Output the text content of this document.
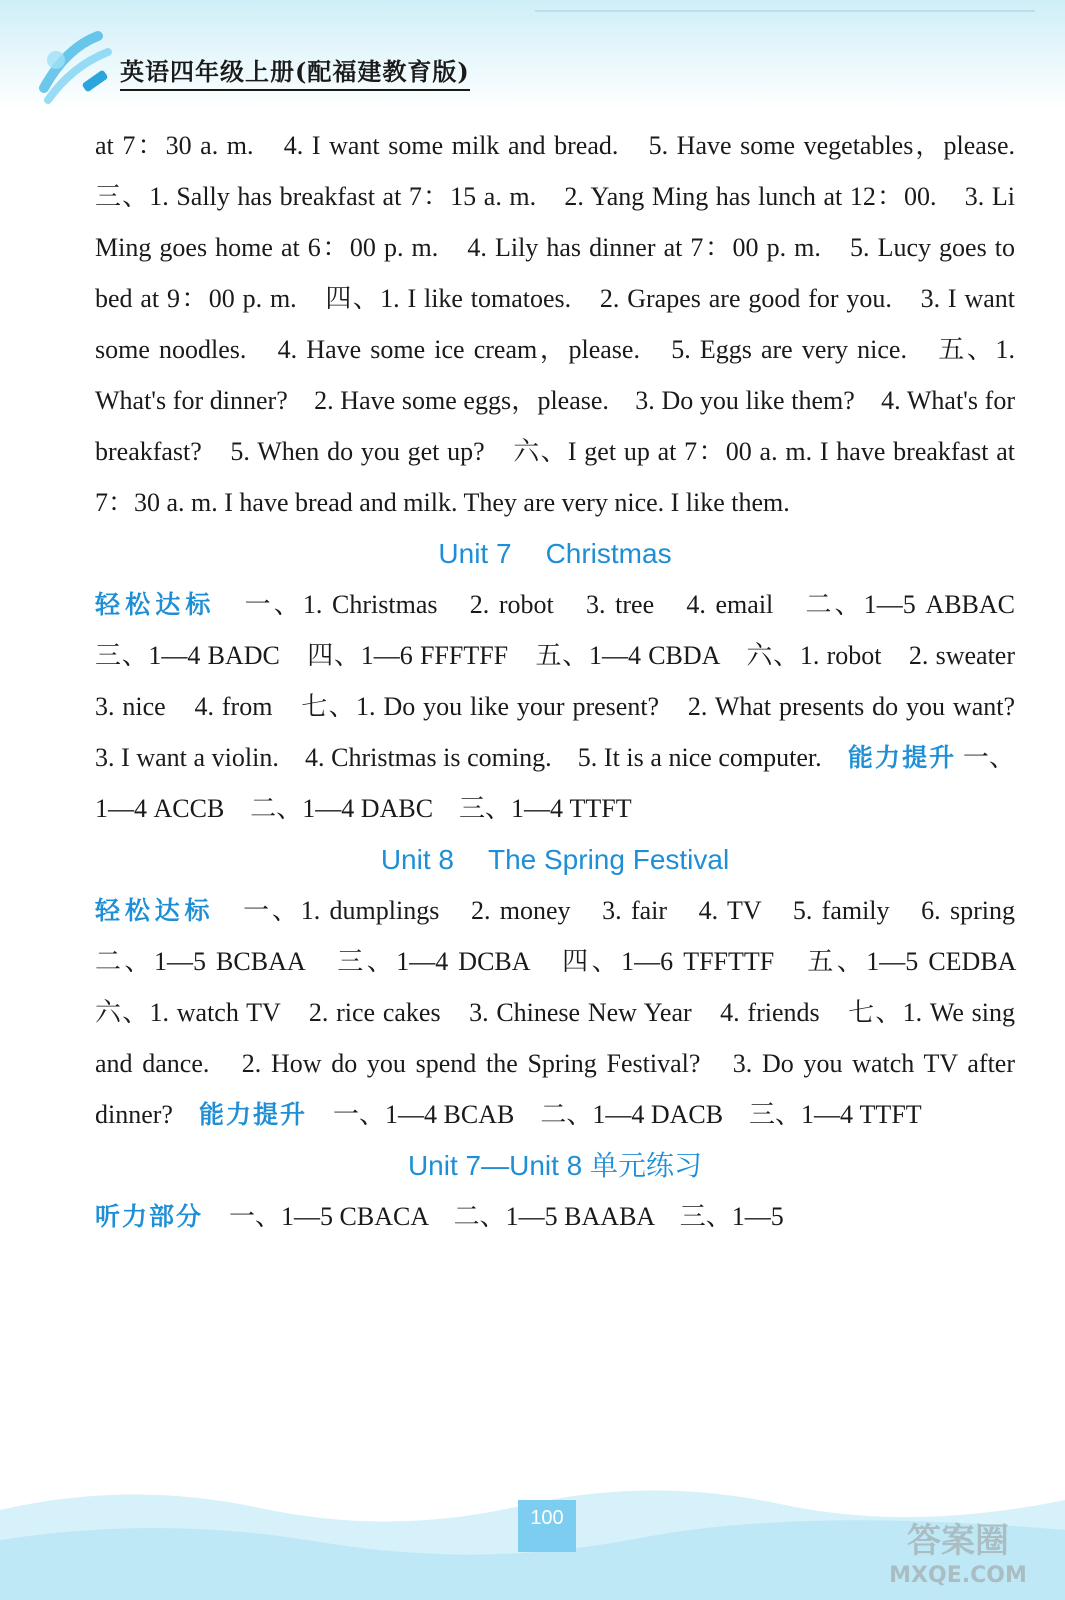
英语四年级上册(配福建教育版)

at 7：30 a. m.　4. I want some milk and bread.　5. Have some vegetables，please.　三、1. Sally has breakfast at 7：15 a. m.　2. Yang Ming has lunch at 12：00.　3. Li Ming goes home at 6：00 p. m.　4. Lily has dinner at 7：00 p. m.　5. Lucy goes to bed at 9：00 p. m.　四、1. I like tomatoes.　2. Grapes are good for you.　3. I want some noodles.　4. Have some ice cream，please.　5. Eggs are very nice.　五、1. What's for dinner?　2. Have some eggs，please.　3. Do you like them?　4. What's for breakfast?　5. When do you get up?　六、I get up at 7：00 a. m. I have breakfast at 7：30 a. m. I have bread and milk. They are very nice. I like them.

Unit 7 Christmas

轻松达标　 一、1. Christmas　2. robot　3. tree　4. email　二、1—5 ABBAC　三、1—4 BADC　四、1—6 FFFTFF　五、1—4 CBDA　六、1. robot　2. sweater　3. nice　4. from　七、1. Do you like your present?　2. What presents do you want?　3. I want a violin.　4. Christmas is coming.　5. It is a nice computer.　 能力提升 一、1—4 ACCB　二、1—4 DABC　三、1—4 TTFT

Unit 8 The Spring Festival

轻松达标　 一、1. dumplings　2. money　3. fair　4. TV　5. family　6. spring　二、1—5 BCBAA　三、1—4 DCBA　四、1—6 TFFTTF　五、1—5 CEDBA　六、1. watch TV　2. rice cakes　3. Chinese New Year　4. friends　七、1. We sing and dance.　2. How do you spend the Spring Festival?　3. Do you watch TV after dinner?　 能力提升　 一、1—4 BCAB　二、1—4 DACB　三、1—4 TTFT

Unit 7—Unit 8 单元练习

听力部分　 一、1—5 CBACA　二、1—5 BAABA　三、1—5

100
答案圈
MXQE.COM
